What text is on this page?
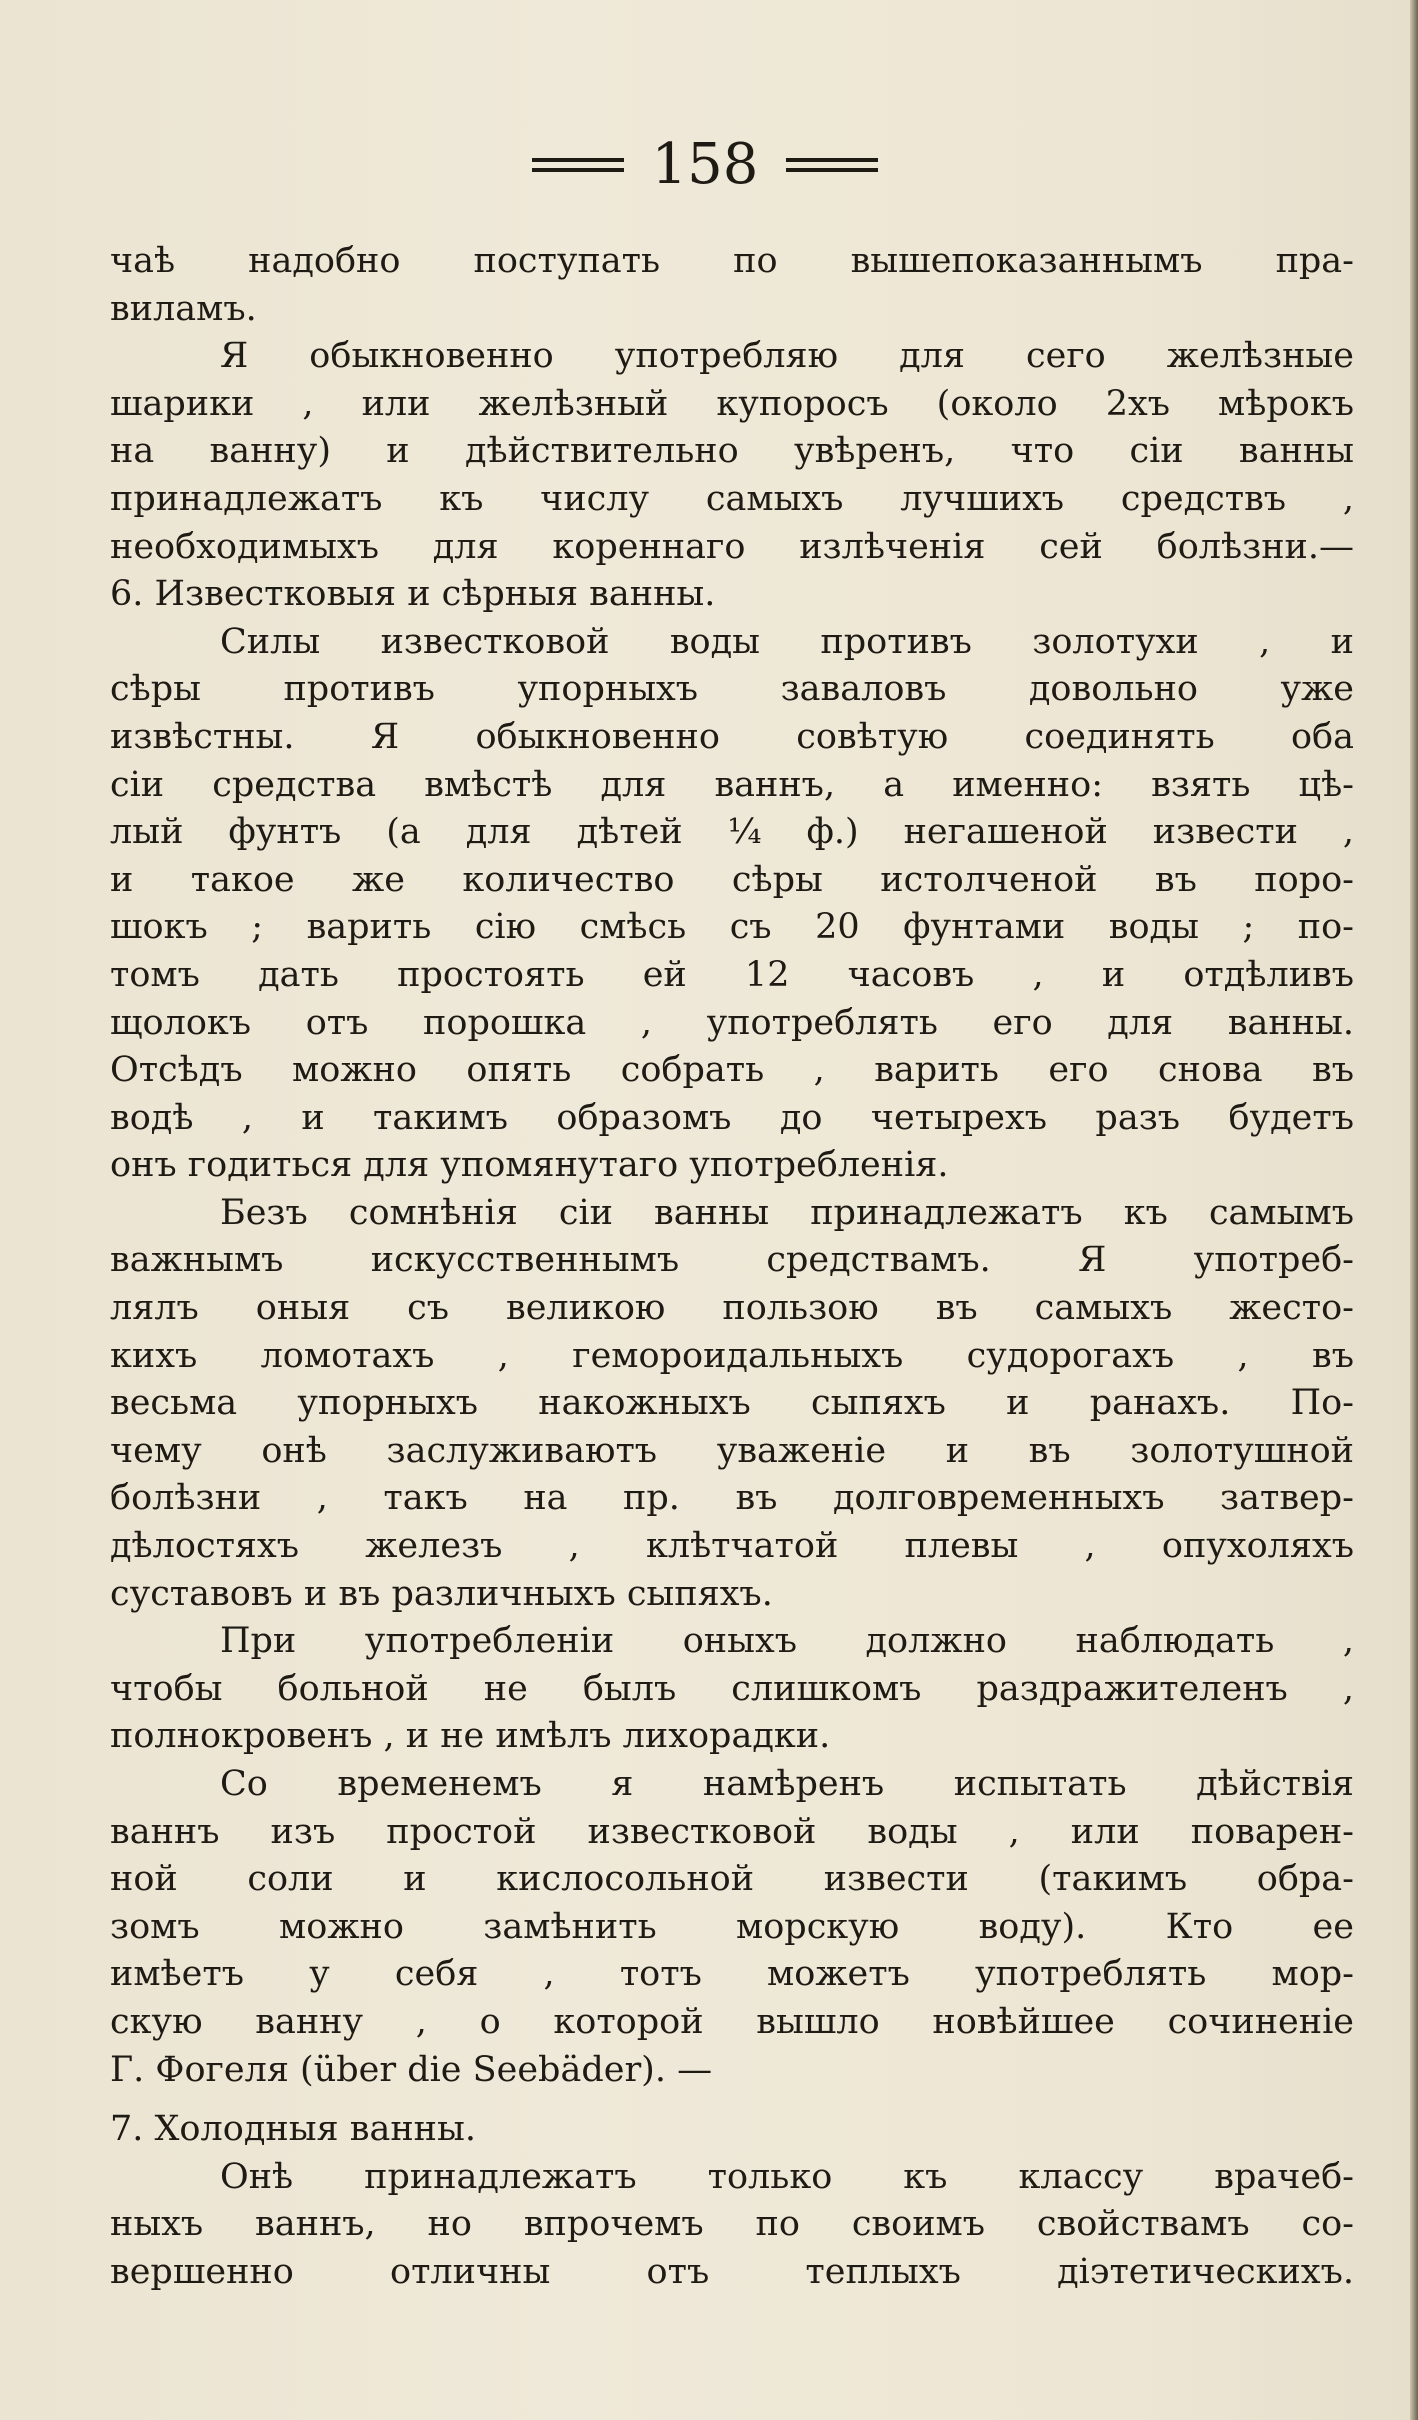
158
чаѣ надобно поступать по вышепоказаннымъ пра-
виламъ.
Я обыкновенно употребляю для сего желѣзные
шарики , или желѣзный купоросъ (около 2хъ мѣрокъ
на ванну) и дѣйствительно увѣренъ, что сіи ванны
принадлежатъ къ числу самыхъ лучшихъ средствъ ,
необходимыхъ для кореннаго излѣченія сей болѣзни.—
6. Известковыя и сѣрныя ванны.
Силы известковой воды противъ золотухи , и
сѣры противъ упорныхъ заваловъ довольно уже
извѣстны. Я обыкновенно совѣтую соединять оба
сіи средства вмѣстѣ для ваннъ, а именно: взять цѣ-
лый фунтъ (а для дѣтей ¼ ф.) негашеной извести ,
и такое же количество сѣры истолченой въ поро-
шокъ ; варить сію смѣсь съ 20 фунтами воды ; по-
томъ дать простоять ей 12 часовъ , и отдѣливъ
щолокъ отъ порошка , употреблять его для ванны.
Отсѣдъ можно опять собрать , варить его снова въ
водѣ , и такимъ образомъ до четырехъ разъ будетъ
онъ годиться для упомянутаго употребленія.
Безъ сомнѣнія сіи ванны принадлежатъ къ самымъ
важнымъ искусственнымъ средствамъ. Я употреб-
лялъ оныя съ великою пользою въ самыхъ жесто-
кихъ ломотахъ , геморoидальныхъ судорогахъ , въ
весьма упорныхъ накожныхъ сыпяхъ и ранахъ. По-
чему онѣ заслуживаютъ уваженіе и въ золотушной
болѣзни , такъ на пр. въ долговременныхъ затвер-
дѣлостяхъ железъ , клѣтчатой плевы , опухоляхъ
суставовъ и въ различныхъ сыпяхъ.
При употребленіи оныхъ должно наблюдать ,
чтобы больной не былъ слишкомъ раздражителенъ ,
полнокровенъ , и не имѣлъ лихорадки.
Со временемъ я намѣренъ испытать дѣйствія
ваннъ изъ простой известковой воды , или поварен-
ной соли и кислосольной извести (такимъ обра-
зомъ можно замѣнить морскую воду). Кто ее
имѣетъ у себя , тотъ можетъ употреблять мор-
скую ванну , о которой вышло новѣйшее сочиненіе
Г. Фогеля (über die Seebäder). —
7. Холодныя ванны.
Онѣ принадлежатъ только къ классу врачеб-
ныхъ ваннъ, но впрочемъ по своимъ свойствамъ со-
вершенно отличны отъ теплыхъ діэтетическихъ.
